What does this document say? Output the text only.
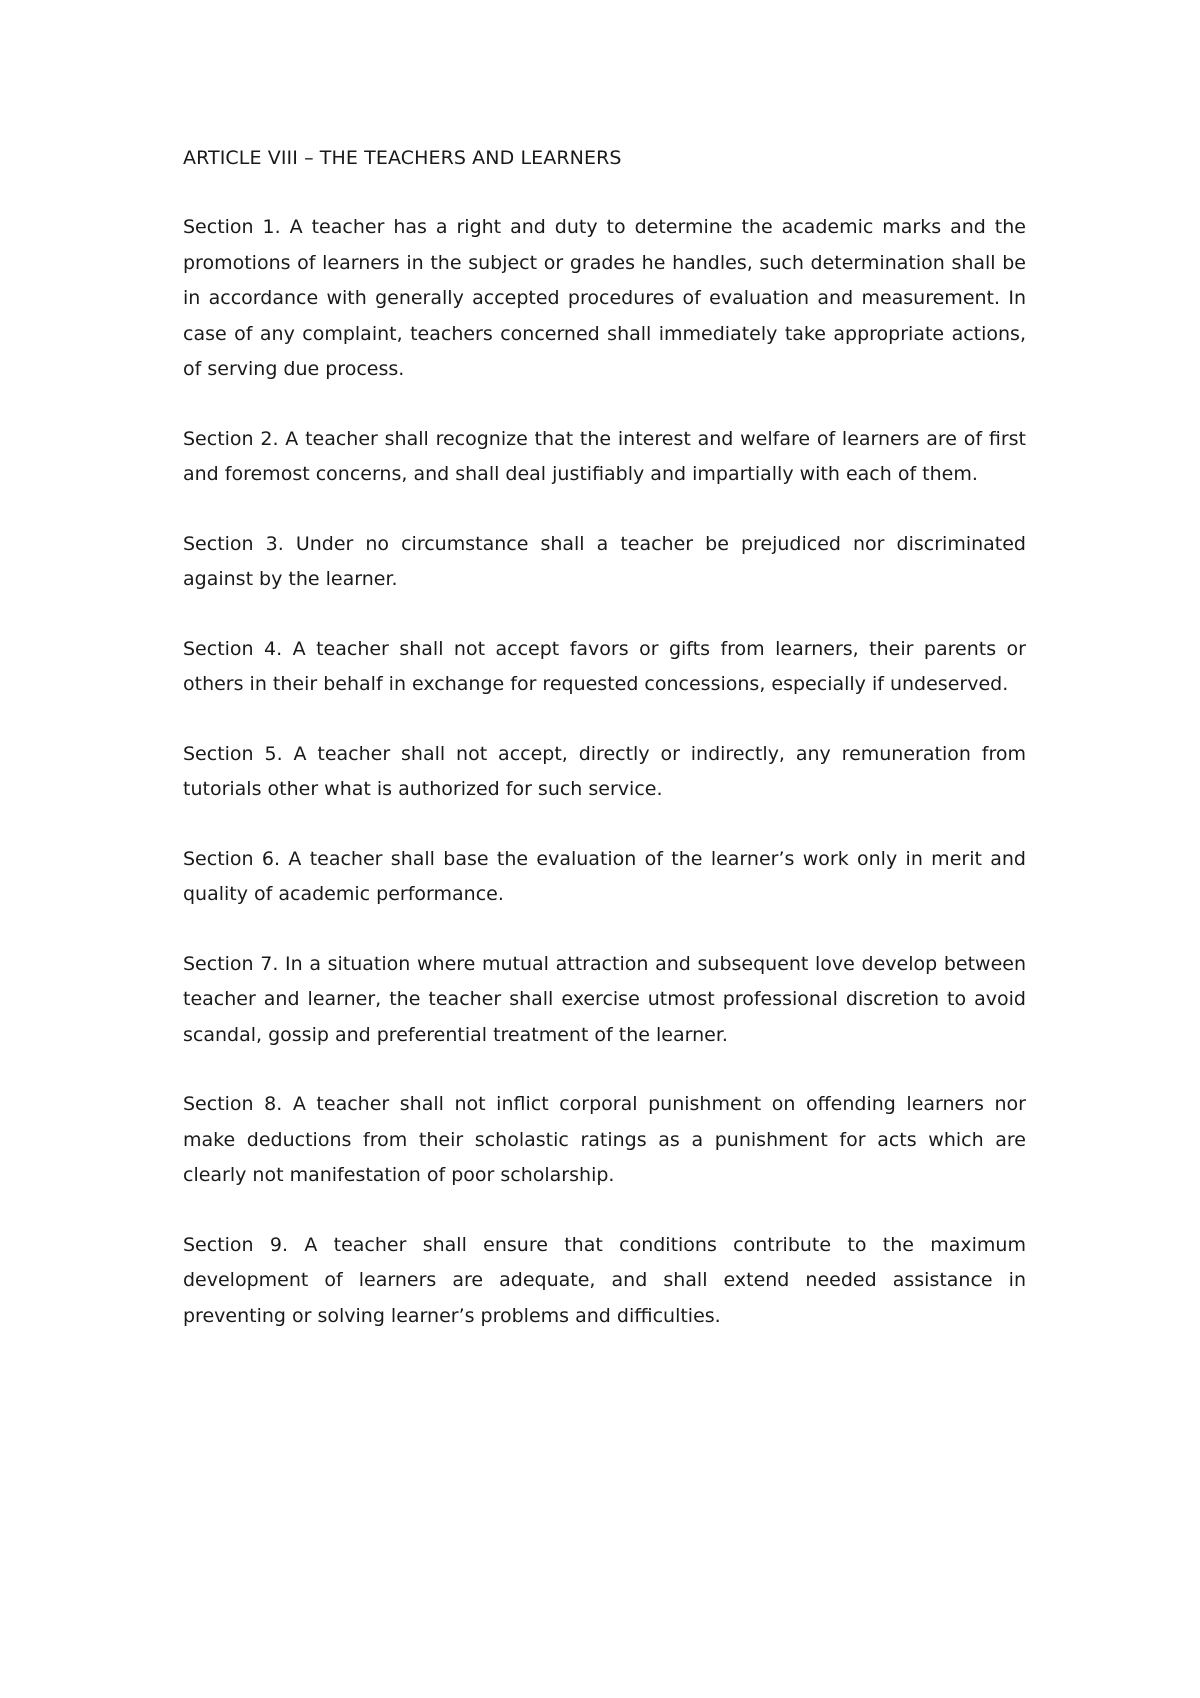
ARTICLE VIII – THE TEACHERS AND LEARNERS

Section 1. A teacher has a right and duty to determine the academic marks and the promotions of learners in the subject or grades he handles, such determination shall be in accordance with generally accepted procedures of evaluation and measurement. In case of any complaint, teachers concerned shall immediately take appropriate actions, of serving due process.

Section 2. A teacher shall recognize that the interest and welfare of learners are of first and foremost concerns, and shall deal justifiably and impartially with each of them.

Section 3. Under no circumstance shall a teacher be prejudiced nor discriminated against by the learner.

Section 4. A teacher shall not accept favors or gifts from learners, their parents or others in their behalf in exchange for requested concessions, especially if undeserved.

Section 5. A teacher shall not accept, directly or indirectly, any remuneration from tutorials other what is authorized for such service.

Section 6. A teacher shall base the evaluation of the learner’s work only in merit and quality of academic performance.

Section 7. In a situation where mutual attraction and subsequent love develop between teacher and learner, the teacher shall exercise utmost professional discretion to avoid scandal, gossip and preferential treatment of the learner.

Section 8. A teacher shall not inflict corporal punishment on offending learners nor make deductions from their scholastic ratings as a punishment for acts which are clearly not manifestation of poor scholarship.

Section 9. A teacher shall ensure that conditions contribute to the maximum development of learners are adequate, and shall extend needed assistance in preventing or solving learner’s problems and difficulties.
